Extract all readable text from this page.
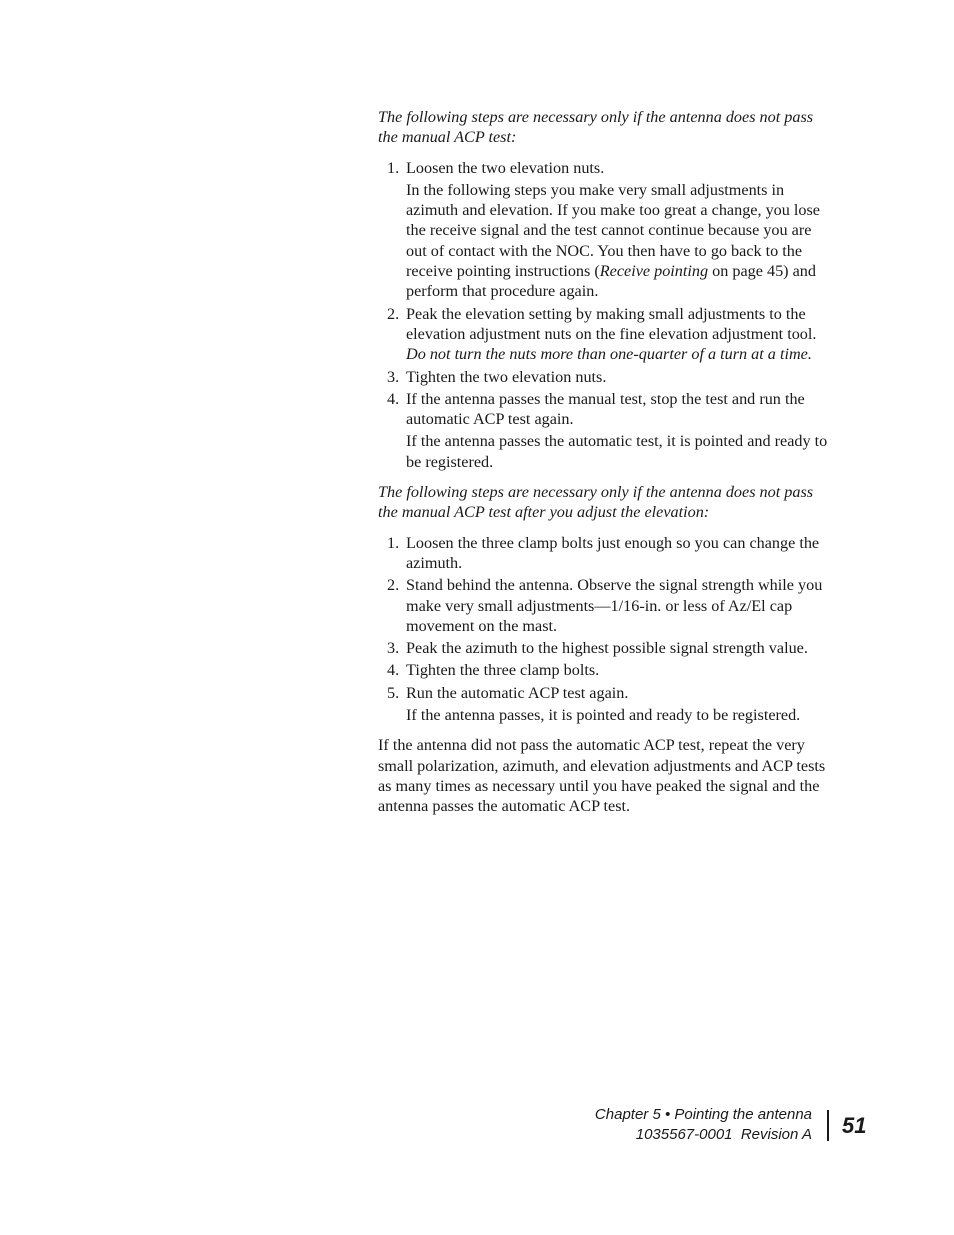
The following steps are necessary only if the antenna does not pass the manual ACP test:

1. Loosen the two elevation nuts.
In the following steps you make very small adjustments in azimuth and elevation. If you make too great a change, you lose the receive signal and the test cannot continue because you are out of contact with the NOC. You then have to go back to the receive pointing instructions (Receive pointing on page 45) and perform that procedure again.
2. Peak the elevation setting by making small adjustments to the elevation adjustment nuts on the fine elevation adjustment tool. Do not turn the nuts more than one-quarter of a turn at a time.
3. Tighten the two elevation nuts.
4. If the antenna passes the manual test, stop the test and run the automatic ACP test again.
If the antenna passes the automatic test, it is pointed and ready to be registered.

The following steps are necessary only if the antenna does not pass the manual ACP test after you adjust the elevation:

1. Loosen the three clamp bolts just enough so you can change the azimuth.
2. Stand behind the antenna. Observe the signal strength while you make very small adjustments—1/16-in. or less of Az/El cap movement on the mast.
3. Peak the azimuth to the highest possible signal strength value.
4. Tighten the three clamp bolts.
5. Run the automatic ACP test again.
If the antenna passes, it is pointed and ready to be registered.

If the antenna did not pass the automatic ACP test, repeat the very small polarization, azimuth, and elevation adjustments and ACP tests as many times as necessary until you have peaked the signal and the antenna passes the automatic ACP test.

Chapter 5 • Pointing the antenna
1035567-0001  Revision A 51
